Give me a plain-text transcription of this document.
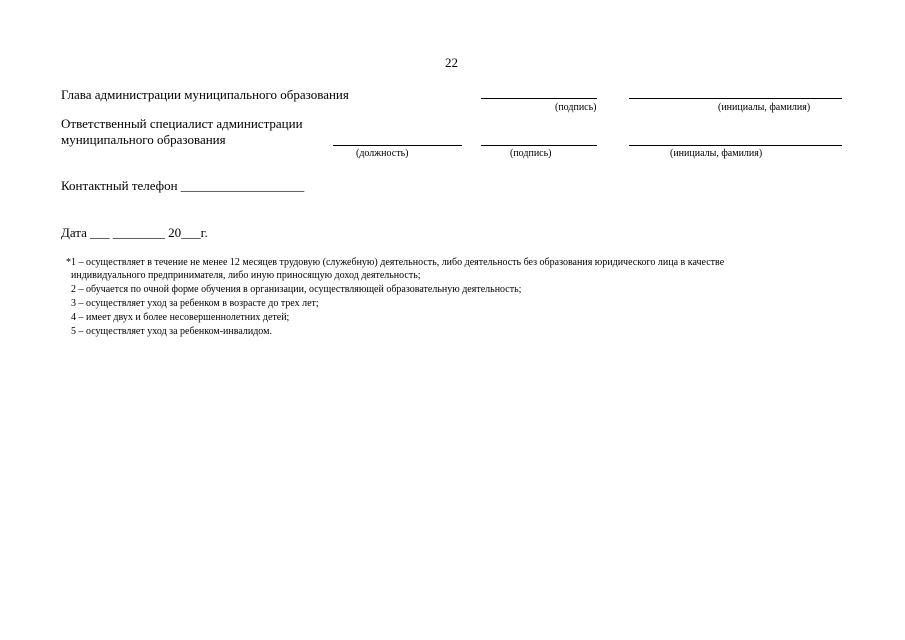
22
Глава администрации муниципального образования
(подпись)	(инициалы, фамилия)
Ответственный специалист администрации
муниципального образования
(должность)	(подпись)	(инициалы, фамилия)
Контактный телефон ___________________
Дата ___ ________ 20___г.
*1 – осуществляет в течение не менее 12 месяцев трудовую (служебную) деятельность, либо деятельность без образования юридического лица в качестве
индивидуального предпринимателя, либо иную приносящую доход деятельность;
2 – обучается по очной форме обучения в организации, осуществляющей образовательную деятельность;
3 – осуществляет уход за ребенком в возрасте до трех лет;
4 – имеет двух и более несовершеннолетних детей;
5 – осуществляет уход за ребенком-инвалидом.
